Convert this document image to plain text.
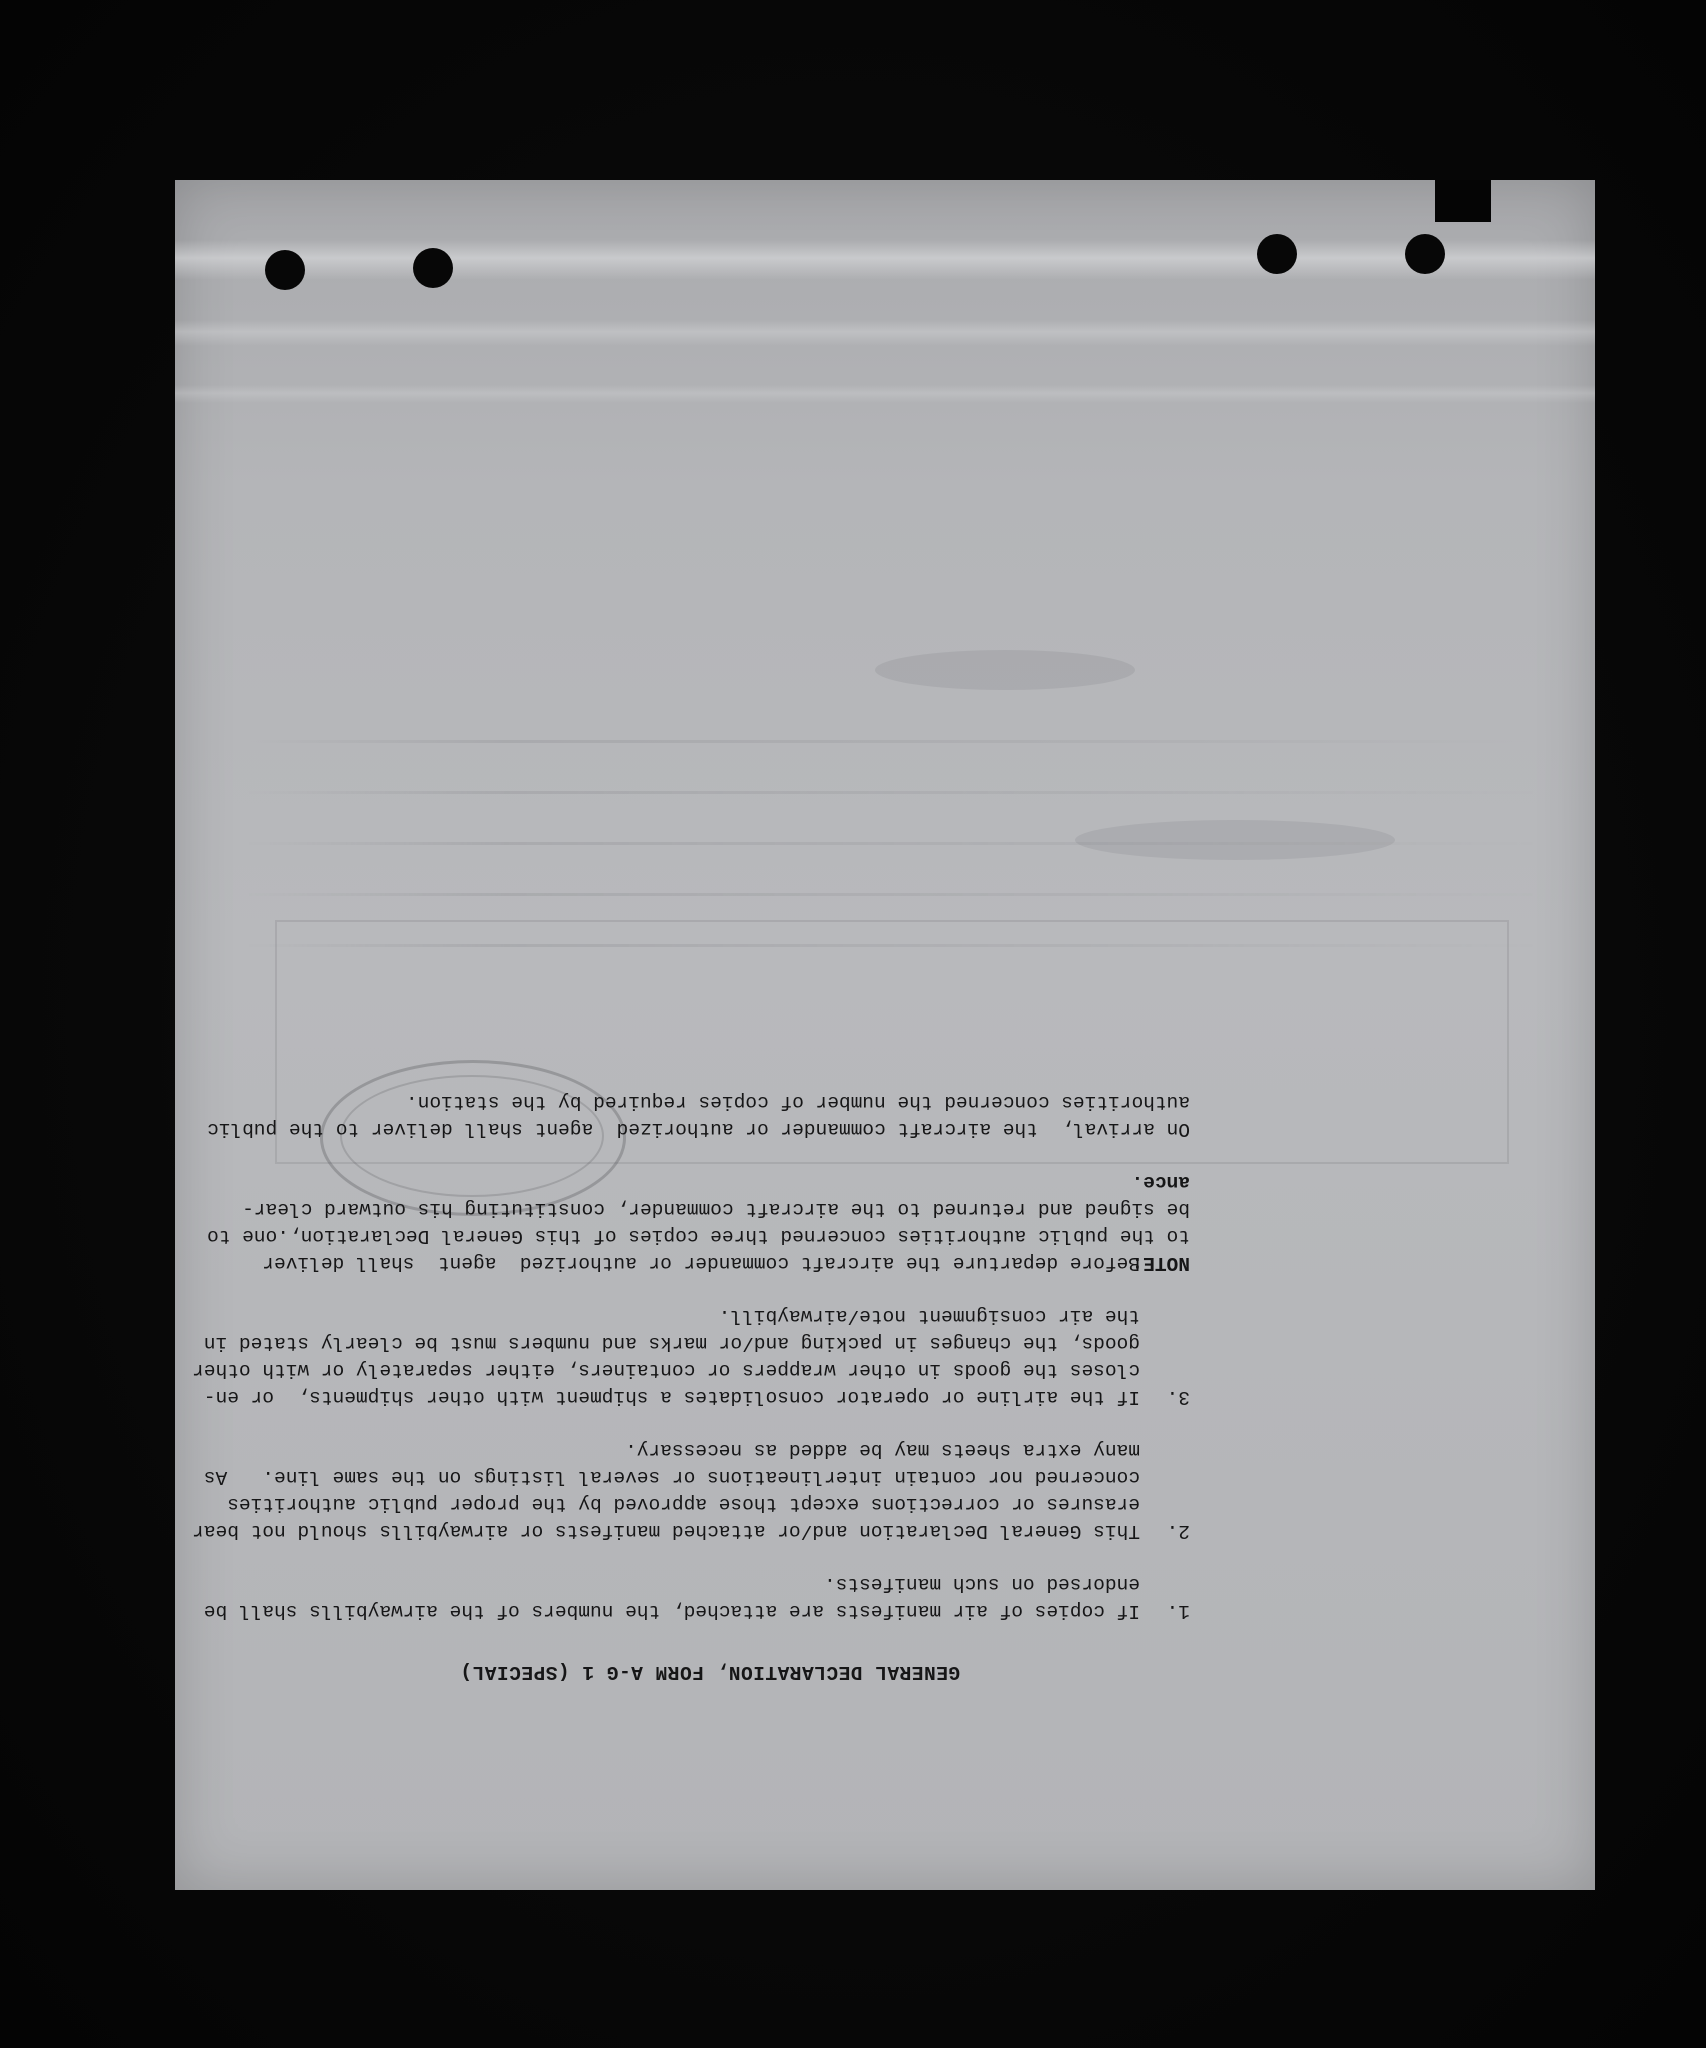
GENERAL DECLARATION, FORM A-G 1 (SPECIAL)
1.
If copies of air manifests are attached, the numbers of the airwaybills shall be
endorsed on such manifests.
2.
This General Declaration and/or attached manifests or airwaybills should not bear
erasures or corrections except those approved by the proper public authorities
concerned nor contain interlineations or several listings on the same line.   As
many extra sheets may be added as necessary.
3.
If the airline or operator consolidates a shipment with other shipments,  or en-
closes the goods in other wrappers or containers, either separately or with other
goods, the changes in packing and/or marks and numbers must be clearly stated in
the air consignment note/airwaybill.
NOTE:
Before departure the aircraft commander or authorized  agent  shall deliver
to the public authorities concerned three copies of this General Declaration,.one to
be signed and returned to the aircraft commander, constituting his outward clear-
ance.
On arrival,  the aircraft commander or authorized  agent shall deliver to the public
authorities concerned the number of copies required by the station.
